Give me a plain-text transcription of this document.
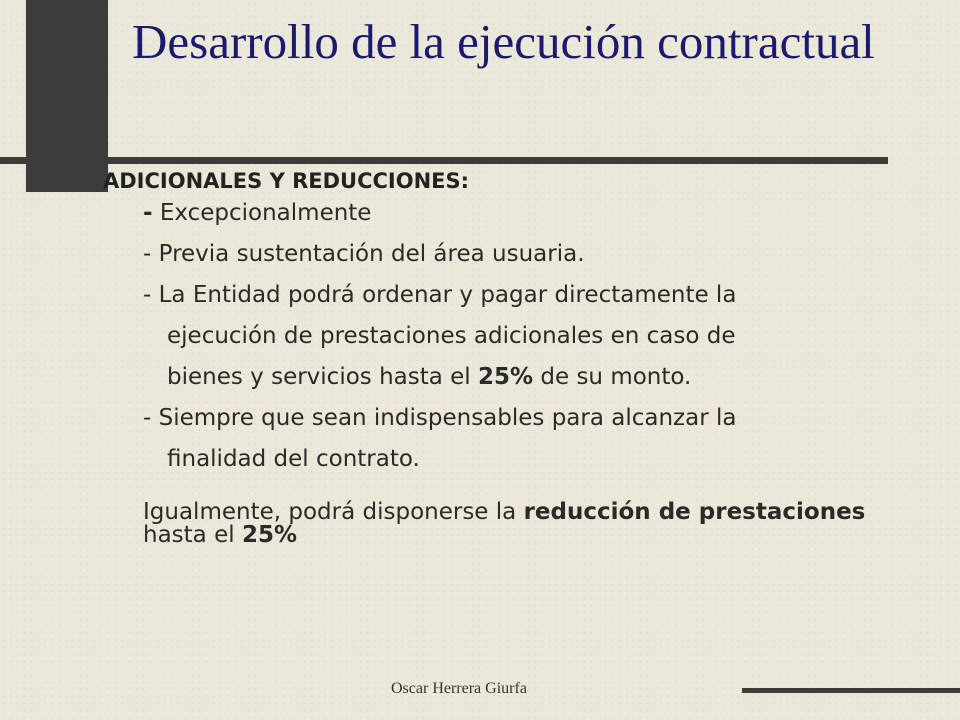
Desarrollo de la ejecución contractual

ADICIONALES Y REDUCCIONES:

- Excepcionalmente

- Previa sustentación del área usuaria.

- La Entidad podrá ordenar y pagar directamente la

ejecución de prestaciones adicionales en caso de

bienes y servicios hasta el 25% de su monto.

- Siempre que sean indispensables para alcanzar la

finalidad del contrato.

Igualmente, podrá disponerse la reducción de prestaciones hasta el 25%

Oscar Herrera Giurfa
